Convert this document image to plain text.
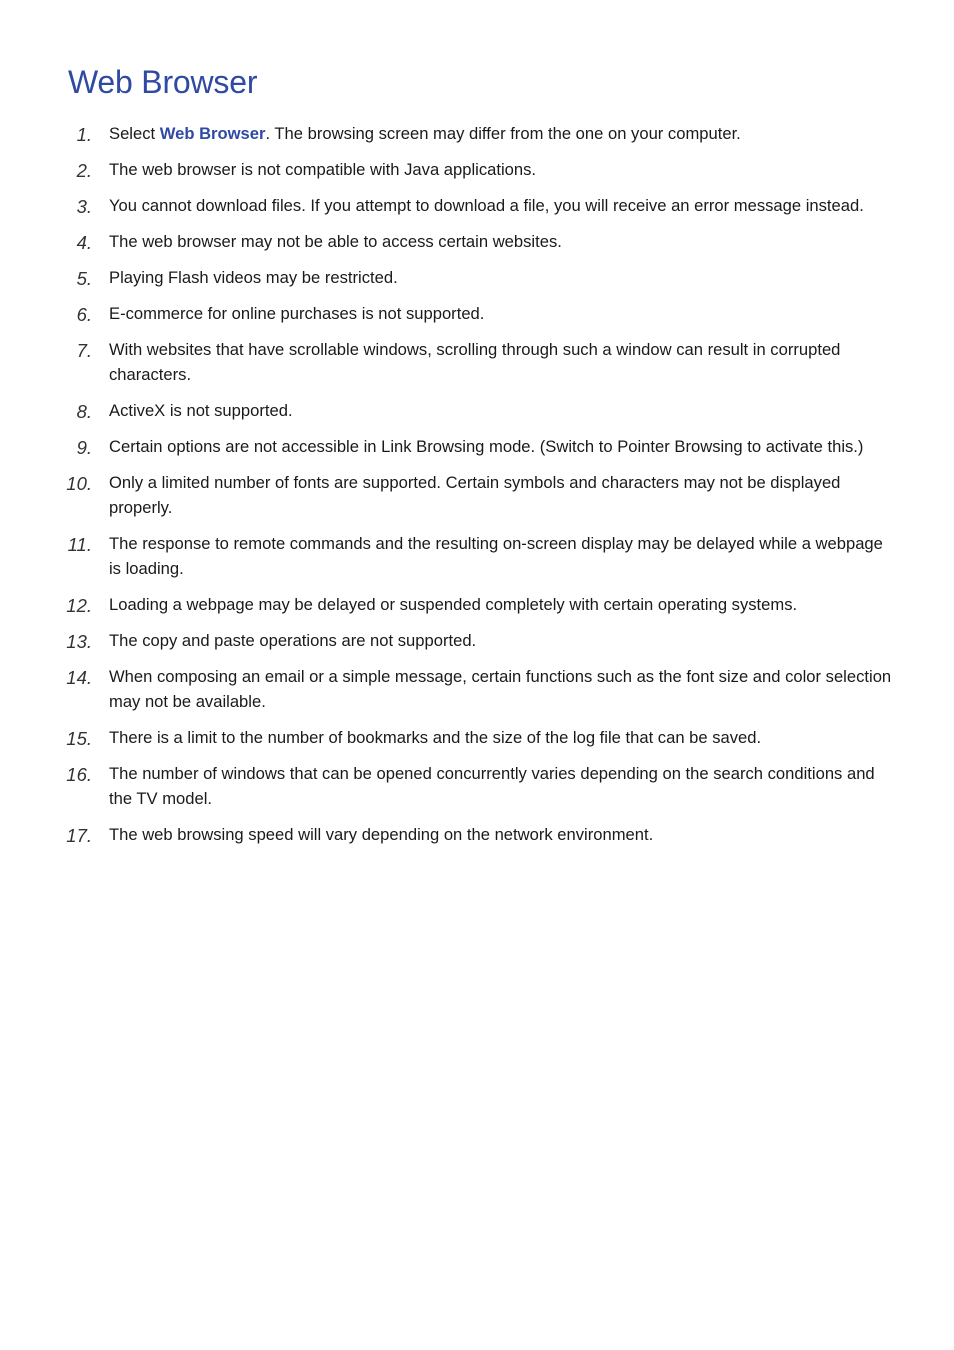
Web Browser
1. Select Web Browser. The browsing screen may differ from the one on your computer.
2. The web browser is not compatible with Java applications.
3. You cannot download files. If you attempt to download a file, you will receive an error message instead.
4. The web browser may not be able to access certain websites.
5. Playing Flash videos may be restricted.
6. E-commerce for online purchases is not supported.
7. With websites that have scrollable windows, scrolling through such a window can result in corrupted characters.
8. ActiveX is not supported.
9. Certain options are not accessible in Link Browsing mode. (Switch to Pointer Browsing to activate this.)
10. Only a limited number of fonts are supported. Certain symbols and characters may not be displayed properly.
11. The response to remote commands and the resulting on-screen display may be delayed while a webpage is loading.
12. Loading a webpage may be delayed or suspended completely with certain operating systems.
13. The copy and paste operations are not supported.
14. When composing an email or a simple message, certain functions such as the font size and color selection may not be available.
15. There is a limit to the number of bookmarks and the size of the log file that can be saved.
16. The number of windows that can be opened concurrently varies depending on the search conditions and the TV model.
17. The web browsing speed will vary depending on the network environment.
